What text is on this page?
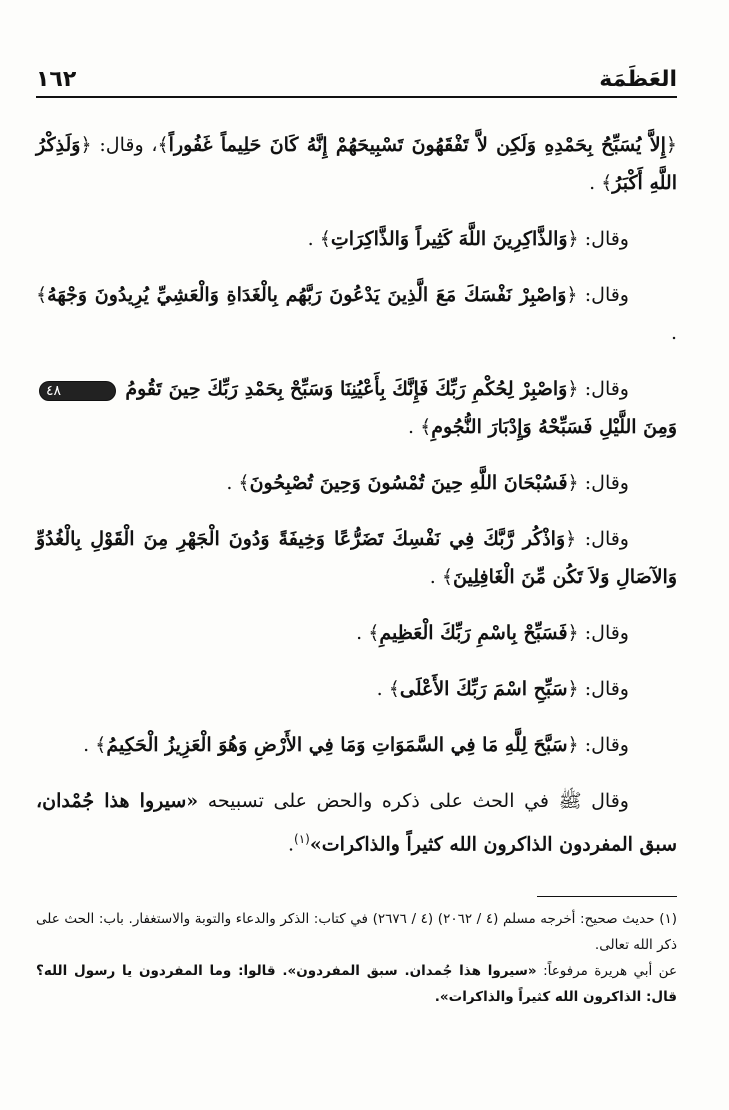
العَظَمَة
١٦٢

﴿إِلاَّ يُسَبِّحُ بِحَمْدِهِ وَلَكِن لاَّ تَفْقَهُونَ تَسْبِيحَهُمْ إِنَّهُ كَانَ حَلِيماً غَفُوراً﴾، وقال: ﴿وَلَذِكْرُ اللَّهِ أَكْبَرُ﴾ .

وقال: ﴿وَالذَّاكِرِينَ اللَّهَ كَثِيراً وَالذَّاكِرَاتِ﴾ .

وقال: ﴿وَاصْبِرْ نَفْسَكَ مَعَ الَّذِينَ يَدْعُونَ رَبَّهُم بِالْغَدَاةِ وَالْعَشِيِّ يُرِيدُونَ وَجْهَهُ﴾ .

وقال: ﴿وَاصْبِرْ لِحُكْمِ رَبِّكَ فَإِنَّكَ بِأَعْيُنِنَا وَسَبِّحْ بِحَمْدِ رَبِّكَ حِينَ تَقُومُ ٤٨ وَمِنَ اللَّيْلِ فَسَبِّحْهُ وَإِدْبَارَ النُّجُومِ﴾ .

وقال: ﴿فَسُبْحَانَ اللَّهِ حِينَ تُمْسُونَ وَحِينَ تُصْبِحُونَ﴾ .

وقال: ﴿وَاذْكُر رَّبَّكَ فِي نَفْسِكَ تَضَرُّعًا وَخِيفَةً وَدُونَ الْجَهْرِ مِنَ الْقَوْلِ بِالْغُدُوِّ وَالآصَالِ وَلاَ تَكُن مِّنَ الْغَافِلِينَ﴾ .

وقال: ﴿فَسَبِّحْ بِاسْمِ رَبِّكَ الْعَظِيمِ﴾ .

وقال: ﴿سَبِّحِ اسْمَ رَبِّكَ الأَعْلَى﴾ .

وقال: ﴿سَبَّحَ لِلَّهِ مَا فِي السَّمَوَاتِ وَمَا فِي الأَرْضِ وَهُوَ الْعَزِيزُ الْحَكِيمُ﴾ .

وقال ﷺ في الحث على ذكره والحض على تسبيحه «سيروا هذا جُمْدان، سبق المفردون الذاكرون الله كثيراً والذاكرات»$^{(١)}$.

(١) حديث صحيح: أخرجه مسلم (٤ / ٢٠٦٢) (٤ / ٢٦٧٦) في كتاب: الذكر والدعاء والتوبة والاستغفار. باب: الحث على ذكر الله تعالى.

عن أبي هريرة مرفوعاً: «سيروا هذا جُمدان. سبق المفردون». قالوا: وما المفردون يا رسول الله؟ قال: الذاكرون الله كثيراً والذاكرات».
